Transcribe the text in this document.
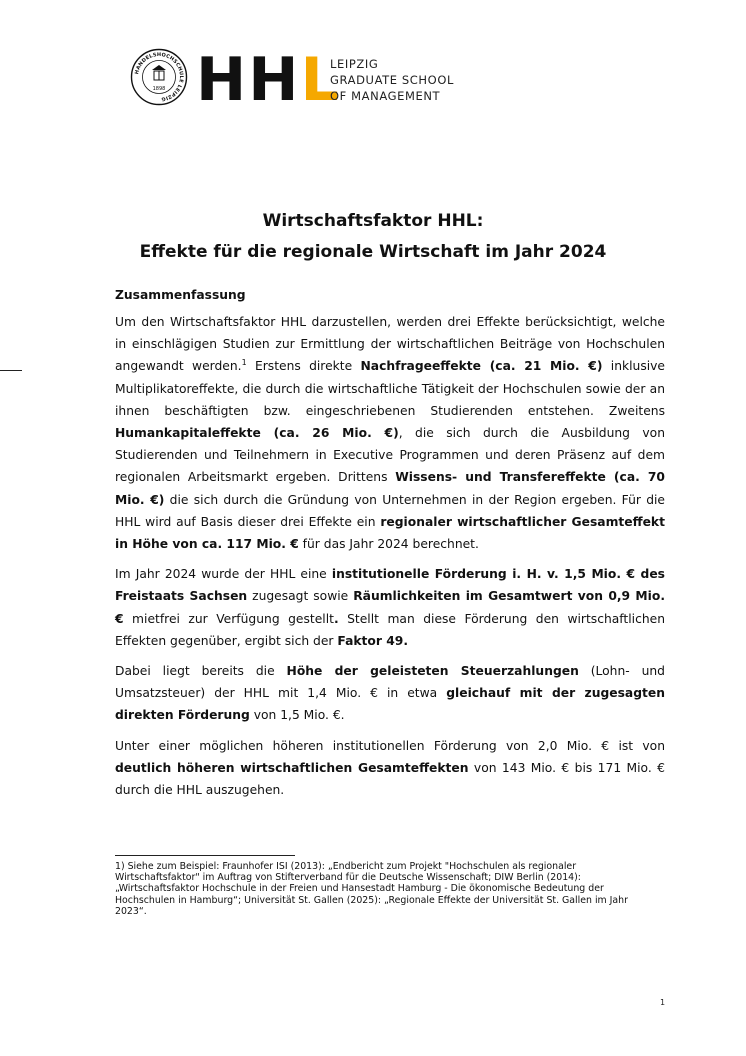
HANDELSHOCHSCHULE LEIPZIG
1898 HHL
LEIPZIG
GRADUATE SCHOOL
OF MANAGEMENT
Wirtschaftsfaktor HHL:
Effekte für die regionale Wirtschaft im Jahr 2024
Zusammenfassung

Um den Wirtschaftsfaktor HHL darzustellen, werden drei Effekte berücksichtigt, welche in einschlägigen Studien zur Ermittlung der wirtschaftlichen Beiträge von Hochschulen angewandt werden.$^1$ Erstens direkte Nachfrageeffekte (ca. 21 Mio. €) inklusive Multiplikatoreffekte, die durch die wirtschaftliche Tätigkeit der Hochschulen sowie der an ihnen beschäftigten bzw. eingeschriebenen Studierenden entstehen. Zweitens Humankapitaleffekte (ca. 26 Mio. €), die sich durch die Ausbildung von Studierenden und Teilnehmern in Executive Programmen und deren Präsenz auf dem regionalen Arbeitsmarkt ergeben. Drittens Wissens- und Transfereffekte (ca. 70 Mio. €) die sich durch die Gründung von Unternehmen in der Region ergeben. Für die HHL wird auf Basis dieser drei Effekte ein regionaler wirtschaftlicher Gesamteffekt in Höhe von ca. 117 Mio. € für das Jahr 2024 berechnet.

Im Jahr 2024 wurde der HHL eine institutionelle Förderung i. H. v. 1,5 Mio. € des Freistaats Sachsen zugesagt sowie Räumlichkeiten im Gesamtwert von 0,9 Mio. € mietfrei zur Verfügung gestellt. Stellt man diese Förderung den wirtschaftlichen Effekten gegenüber, ergibt sich der Faktor 49.

Dabei liegt bereits die Höhe der geleisteten Steuerzahlungen (Lohn- und Umsatzsteuer) der HHL mit 1,4 Mio. € in etwa gleichauf mit der zugesagten direkten Förderung von 1,5 Mio. €.

Unter einer möglichen höheren institutionellen Förderung von 2,0 Mio. € ist von deutlich höheren wirtschaftlichen Gesamteffekten von 143 Mio. € bis 171 Mio. € durch die HHL auszugehen.

1) Siehe zum Beispiel: Fraunhofer ISI (2013): „Endbericht zum Projekt "Hochschulen als regionaler Wirtschaftsfaktor" im Auftrag von Stifterverband für die Deutsche Wissenschaft; DIW Berlin (2014): „Wirtschaftsfaktor Hochschule in der Freien und Hansestadt Hamburg - Die ökonomische Bedeutung der Hochschulen in Hamburg“; Universität St. Gallen (2025): „Regionale Effekte der Universität St. Gallen im Jahr 2023“.
1
